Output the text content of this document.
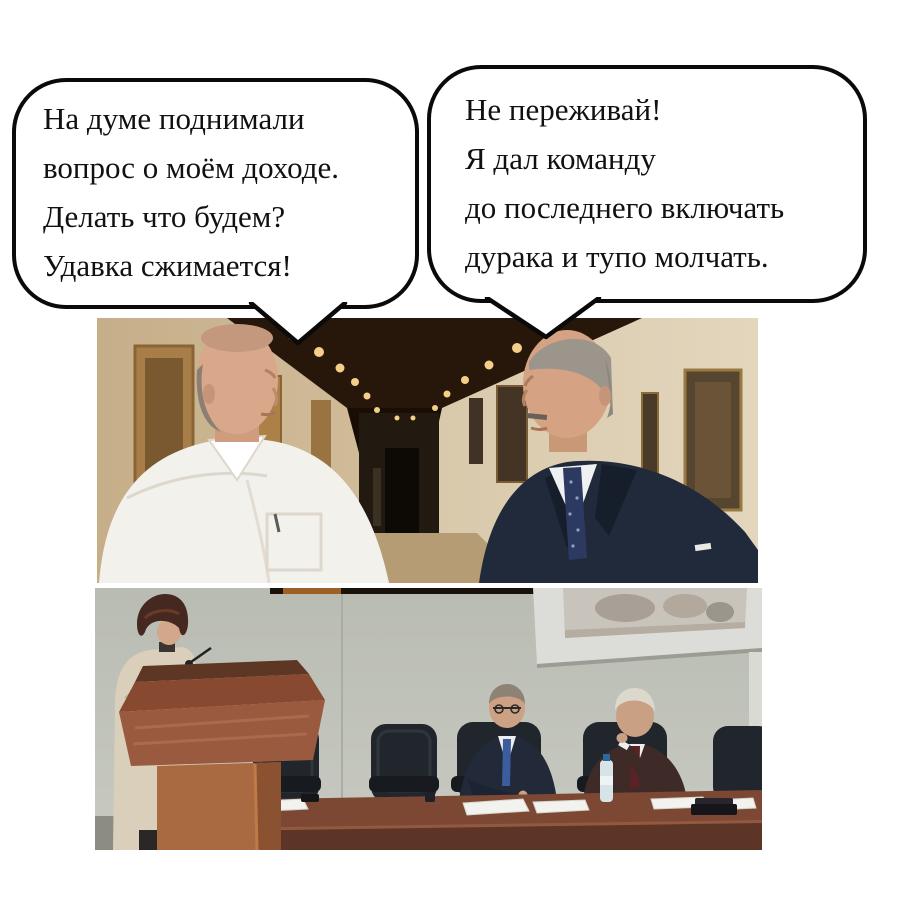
На думе поднимали
вопрос о моём доходе.
Делать что будем?
Удавка сжимается!
Не переживай!
Я дал команду
до последнего включать
дурака и тупо молчать.
